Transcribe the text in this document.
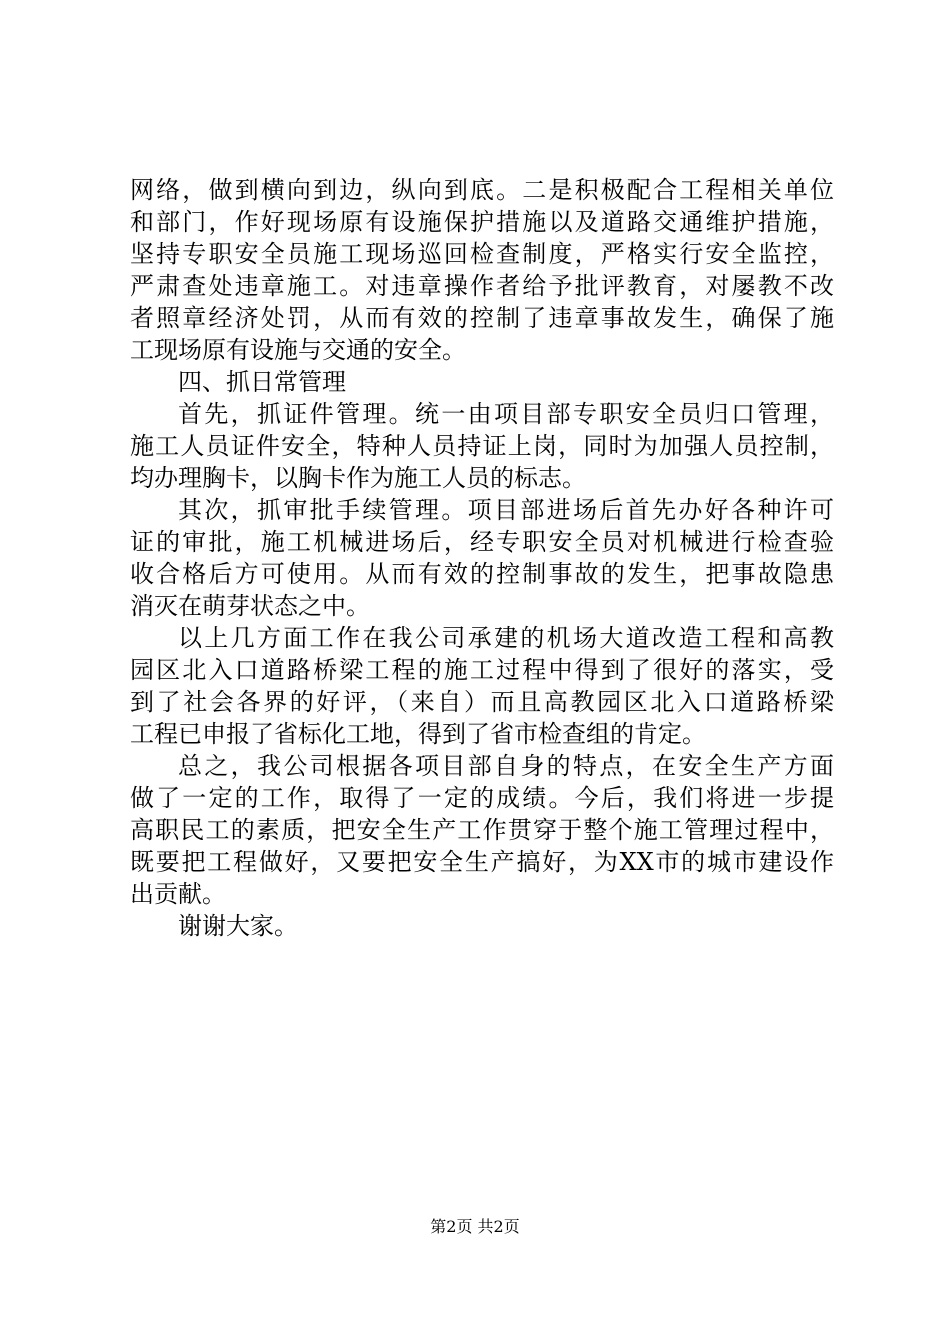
网络，做到横向到边，纵向到底。二是积极配合工程相关单位
和部门，作好现场原有设施保护措施以及道路交通维护措施，
坚持专职安全员施工现场巡回检查制度，严格实行安全监控，
严肃查处违章施工。对违章操作者给予批评教育，对屡教不改
者照章经济处罚，从而有效的控制了违章事故发生，确保了施
工现场原有设施与交通的安全。
四、抓日常管理
首先，抓证件管理。统一由项目部专职安全员归口管理，
施工人员证件安全，特种人员持证上岗，同时为加强人员控制，
均办理胸卡，以胸卡作为施工人员的标志。
其次，抓审批手续管理。项目部进场后首先办好各种许可
证的审批，施工机械进场后，经专职安全员对机械进行检查验
收合格后方可使用。从而有效的控制事故的发生，把事故隐患
消灭在萌芽状态之中。
以上几方面工作在我公司承建的机场大道改造工程和高教
园区北入口道路桥梁工程的施工过程中得到了很好的落实，受
到了社会各界的好评，（来自）而且高教园区北入口道路桥梁
工程已申报了省标化工地，得到了省市检查组的肯定。
总之，我公司根据各项目部自身的特点，在安全生产方面
做了一定的工作，取得了一定的成绩。今后，我们将进一步提
高职民工的素质，把安全生产工作贯穿于整个施工管理过程中，
既要把工程做好，又要把安全生产搞好，为XX市的城市建设作
出贡献。
谢谢大家。
第2页 共2页
